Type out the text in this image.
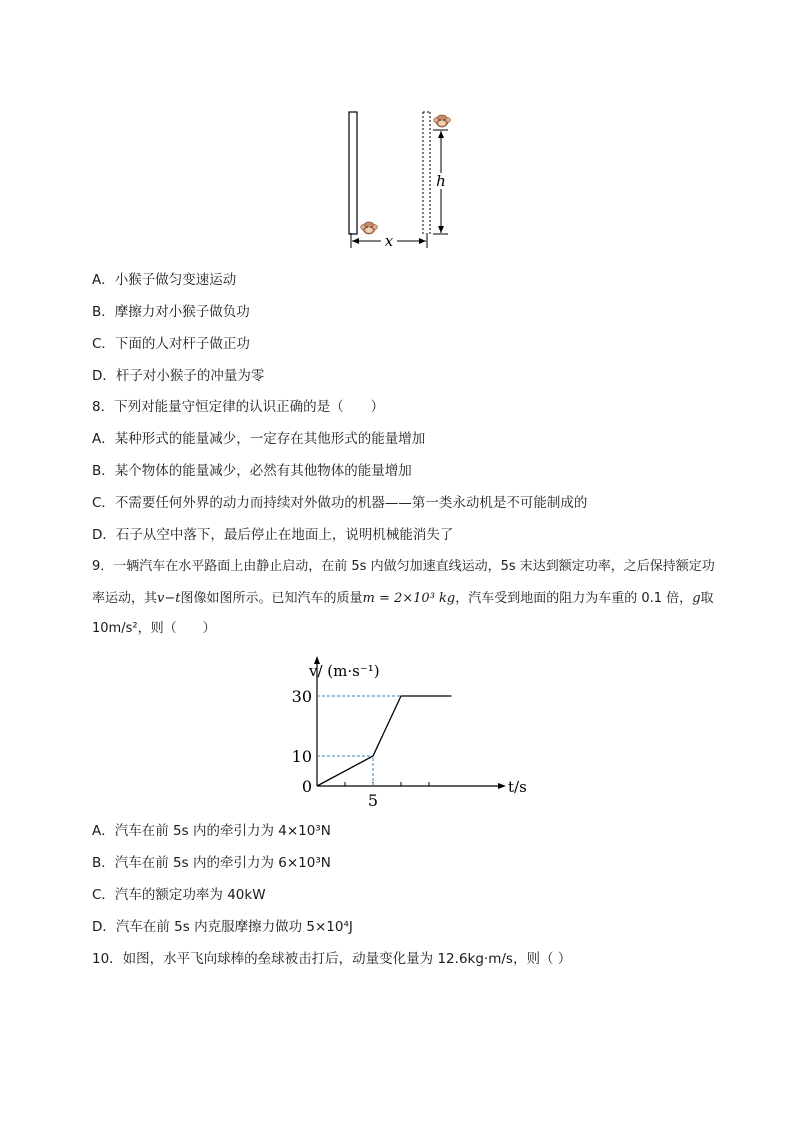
h
x
A．小猴子做匀变速运动
B．摩擦力对小猴子做负功
C．下面的人对杆子做正功
D．杆子对小猴子的冲量为零
8．下列对能量守恒定律的认识正确的是（　　）
A．某种形式的能量减少，一定存在其他形式的能量增加
B．某个物体的能量减少，必然有其他物体的能量增加
C．不需要任何外界的动力而持续对外做功的机器——第一类永动机是不可能制成的
D．石子从空中落下，最后停止在地面上，说明机械能消失了
9．一辆汽车在水平路面上由静止启动，在前 5s 内做匀加速直线运动，5s 末达到额定功率，之后保持额定功
率运动，其v−t图像如图所示。已知汽车的质量m = 2×10³ kg，汽车受到地面的阻力为车重的 0.1 倍，g取
10m/s²，则（　　）
10
30
5
0
v/ (m·s⁻¹)
t/s
A．汽车在前 5s 内的牵引力为 4×10³N
B．汽车在前 5s 内的牵引力为 6×10³N
C．汽车的额定功率为 40kW
D．汽车在前 5s 内克服摩擦力做功 5×10⁴J
10．如图，水平飞向球棒的垒球被击打后，动量变化量为 12.6kg·m/s，则（ ）
